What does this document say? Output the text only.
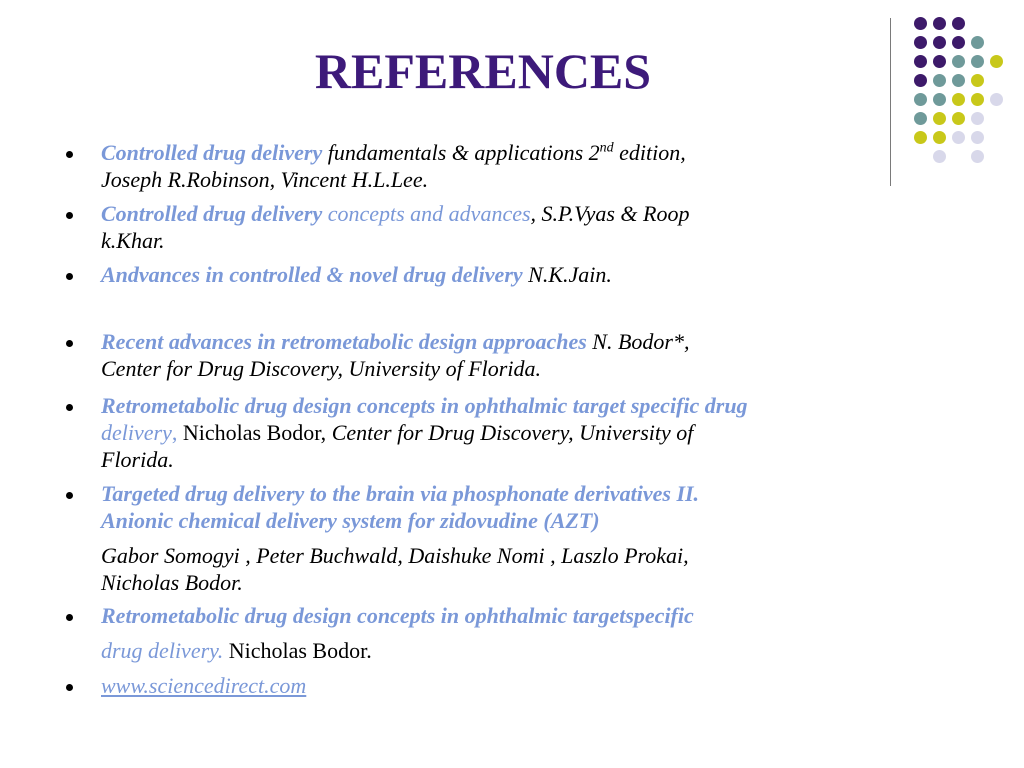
REFERENCES
Controlled drug delivery fundamentals & applications 2nd edition,
Joseph R.Robinson, Vincent H.L.Lee.
Controlled drug delivery concepts and advances, S.P.Vyas & Roop
k.Khar.
Andvances in controlled & novel drug delivery N.K.Jain.
Recent advances in retrometabolic design approaches N. Bodor*,
Center for Drug Discovery, University of Florida.
Retrometabolic drug design concepts in ophthalmic target specific drug
delivery, Nicholas Bodor, Center for Drug Discovery, University of
Florida.
Targeted drug delivery to the brain via phosphonate derivatives II.
Anionic chemical delivery system for zidovudine (AZT)
Gabor Somogyi , Peter Buchwald, Daishuke Nomi , Laszlo Prokai,
Nicholas Bodor.
Retrometabolic drug design concepts in ophthalmic targetspecific
drug delivery. Nicholas Bodor.
www.sciencedirect.com
